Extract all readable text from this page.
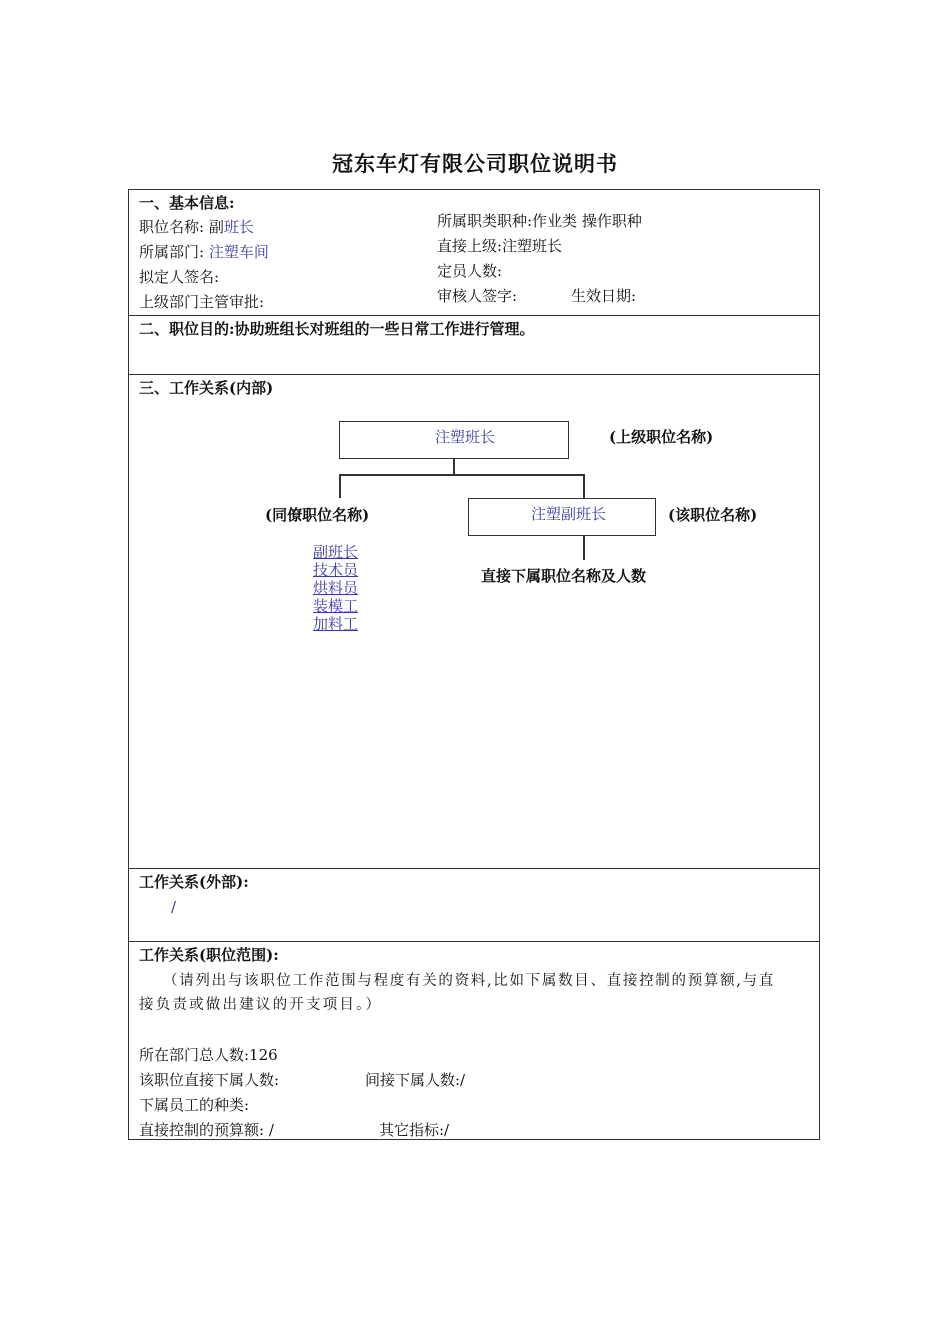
冠东车灯有限公司职位说明书
一、基本信息:
职位名称: 副班长
所属部门: 注塑车间
拟定人签名:
上级部门主管审批:
所属职类职种:作业类 操作职种
直接上级:注塑班长
定员人数:
审核人签字:	生效日期:
二、职位目的:协助班组长对班组的一些日常工作进行管理。
三、工作关系(内部)
注塑班长	(上级职位名称)
(同僚职位名称)	注塑副班长	(该职位名称)
直接下属职位名称及人数
副班长
技术员
烘料员
装模工
加料工
工作关系(外部):
/
工作关系(职位范围):
（请列出与该职位工作范围与程度有关的资料,比如下属数目、直接控制的预算额,与直
接负责或做出建议的开支项目。）
所在部门总人数:126
该职位直接下属人数:	间接下属人数:/
下属员工的种类:
直接控制的预算额: /	其它指标:/
